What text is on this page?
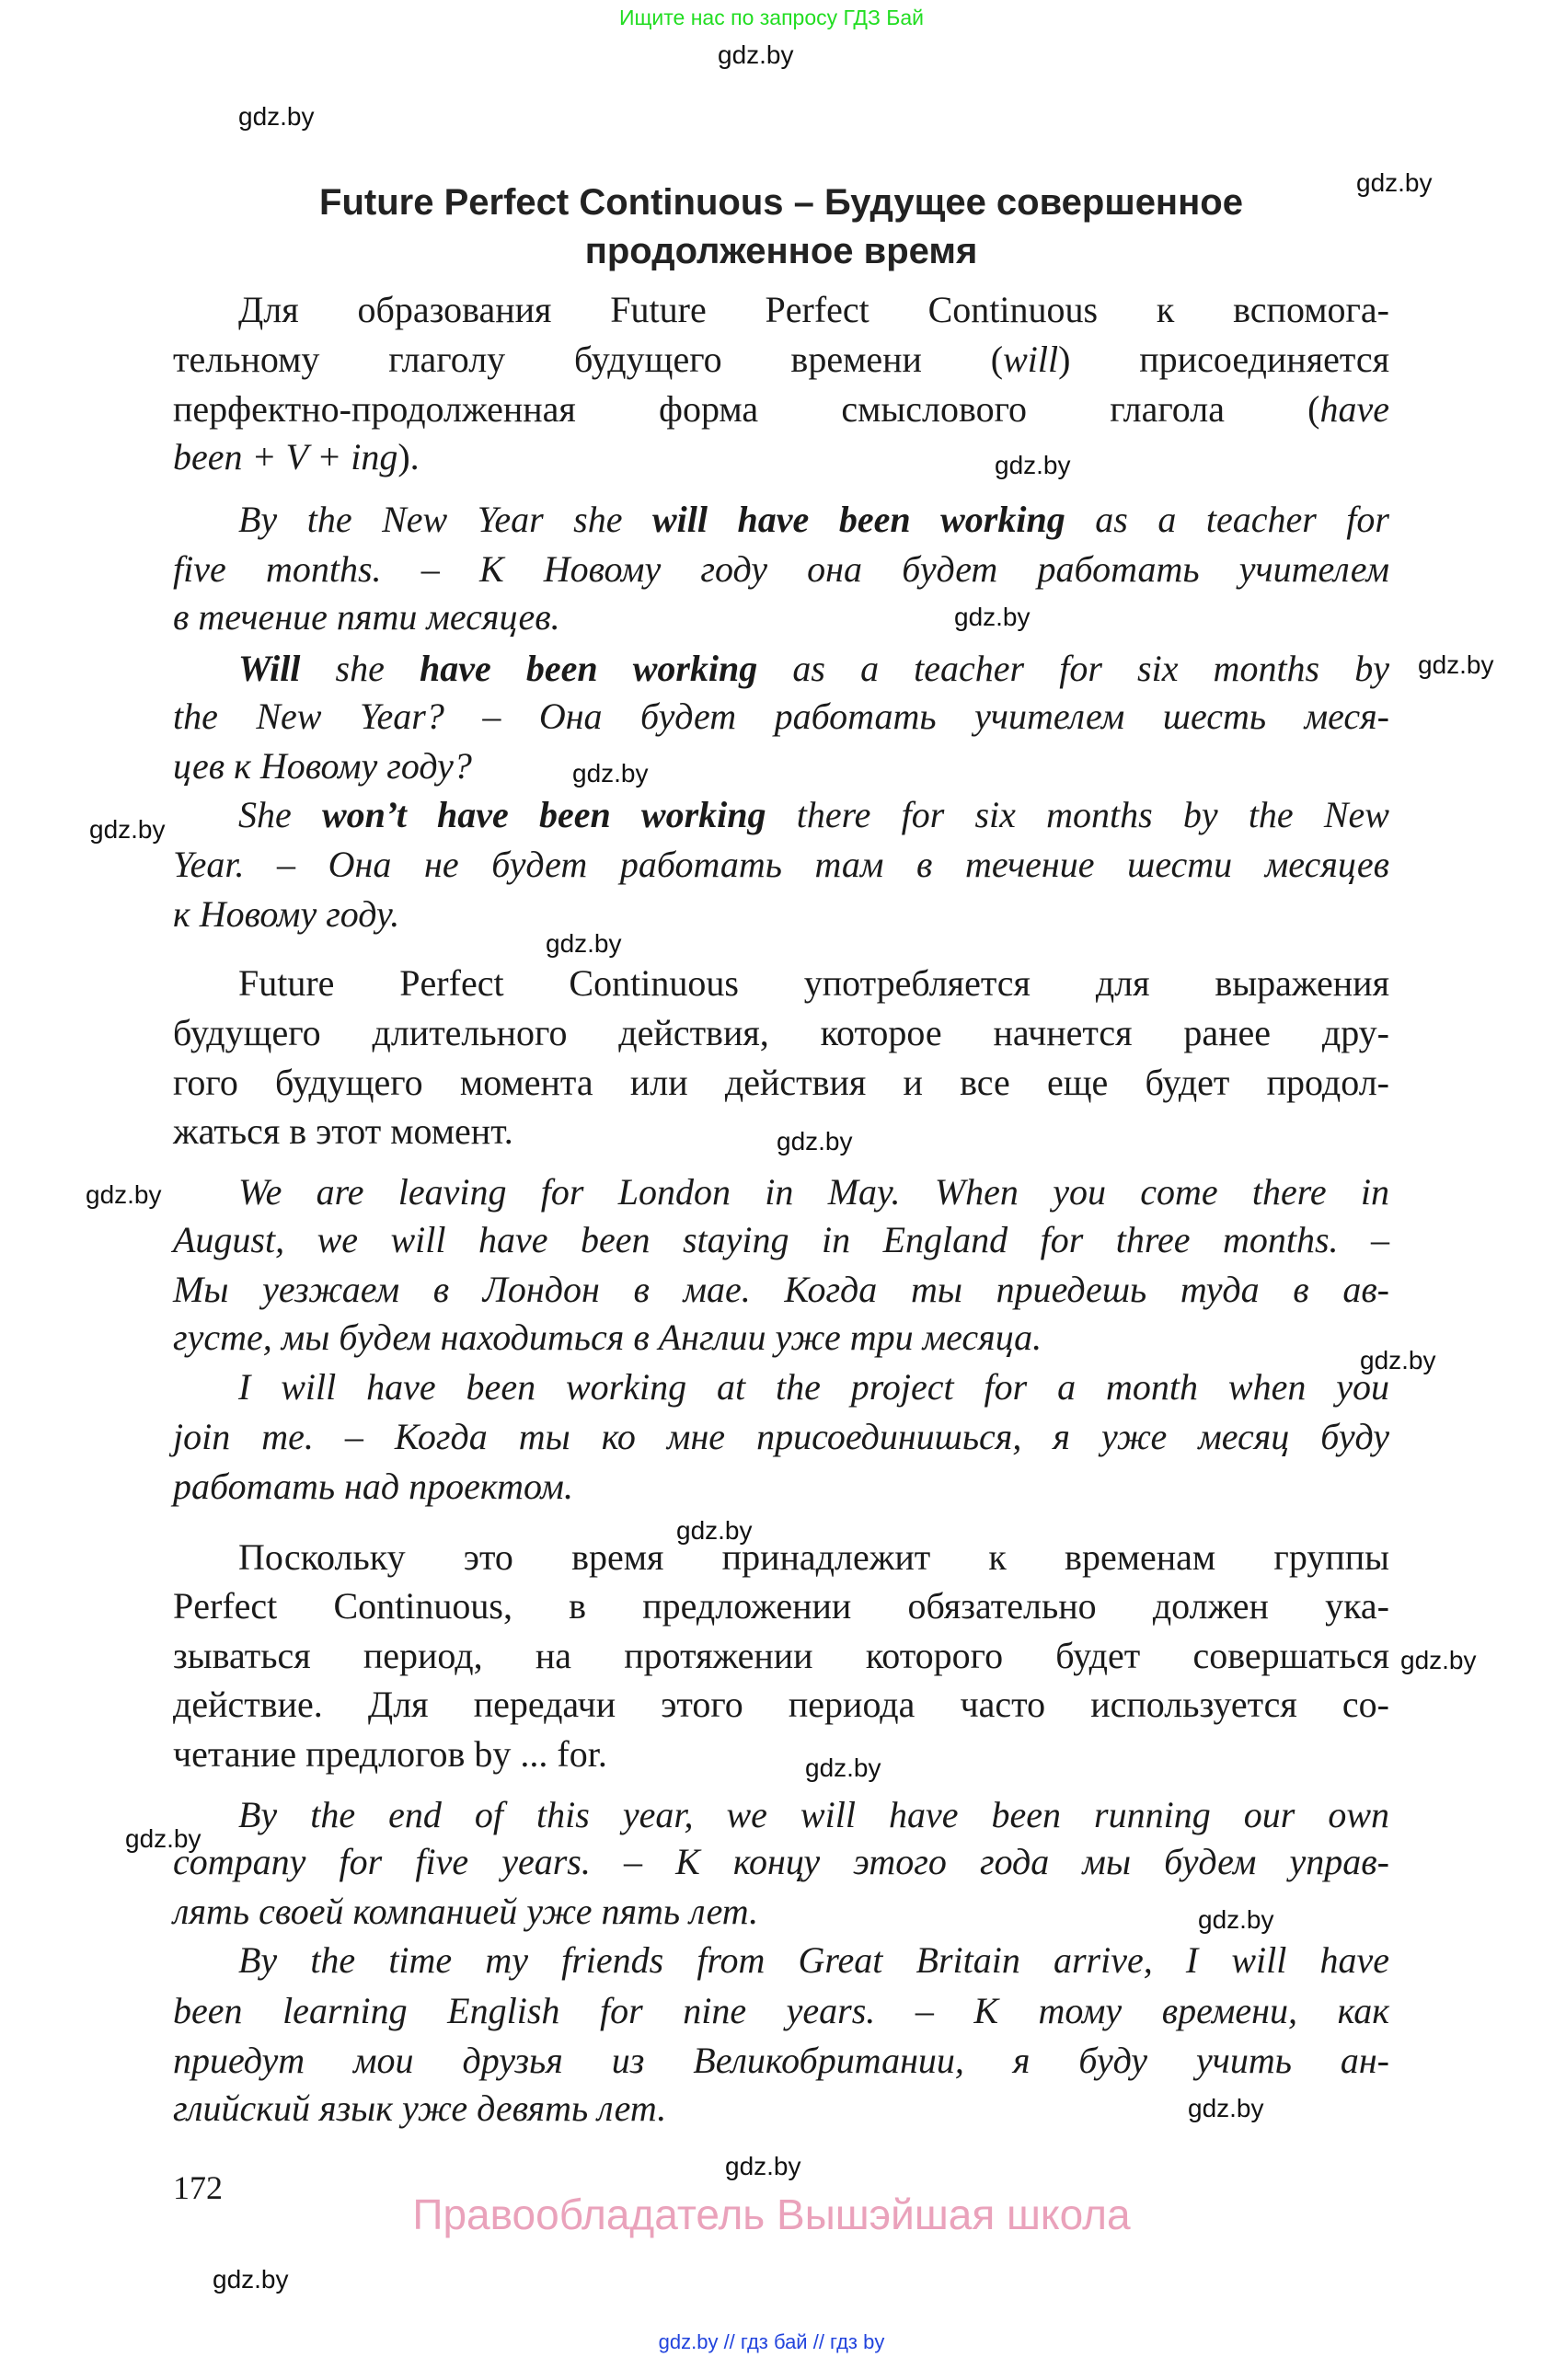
Ищите нас по запросу ГДЗ Бай
Future Perfect Continuous – Будущее совершенное
продолженное время
Для образования Future Perfect Continuous к вспомога-
тельному глаголу будущего времени (will) присоединяется
перфектно-продолженная форма смыслового глагола (have
been + V + ing).
By the New Year she will have been working as a teacher for
five months. – К Новому году она будет работать учителем
в течение пяти месяцев.
Will she have been working as a teacher for six months by
the New Year? – Она будет работать учителем шесть меся-
цев к Новому году?
She won’t have been working there for six months by the New
Year. – Она не будет работать там в течение шести месяцев
к Новому году.
Future Perfect Continuous употребляется для выражения
будущего длительного действия, которое начнется ранее дру-
гого будущего момента или действия и все еще будет продол-
жаться в этот момент.
We are leaving for London in May. When you come there in
August, we will have been staying in England for three months. –
Мы уезжаем в Лондон в мае. Когда ты приедешь туда в ав-
густе, мы будем находиться в Англии уже три месяца.
I will have been working at the project for a month when you
join me. – Когда ты ко мне присоединишься, я уже месяц буду
работать над проектом.
Поскольку это время принадлежит к временам группы
Perfect Continuous, в предложении обязательно должен ука-
зываться период, на протяжении которого будет совершаться
действие. Для передачи этого периода часто используется со-
четание предлогов by ... for.
By the end of this year, we will have been running our own
company for five years. – К концу этого года мы будем управ-
лять своей компанией уже пять лет.
By the time my friends from Great Britain arrive, I will have
been learning English for nine years. – К тому времени, как
приедут мои друзья из Великобритании, я буду учить ан-
глийский язык уже девять лет.
172
Правообладатель Вышэйшая школа
gdz.by // гдз бай // гдз by
gdz.by
gdz.by
gdz.by
gdz.by
gdz.by
gdz.by
gdz.by
gdz.by
gdz.by
gdz.by
gdz.by
gdz.by
gdz.by
gdz.by
gdz.by
gdz.by
gdz.by
gdz.by
gdz.by
gdz.by
